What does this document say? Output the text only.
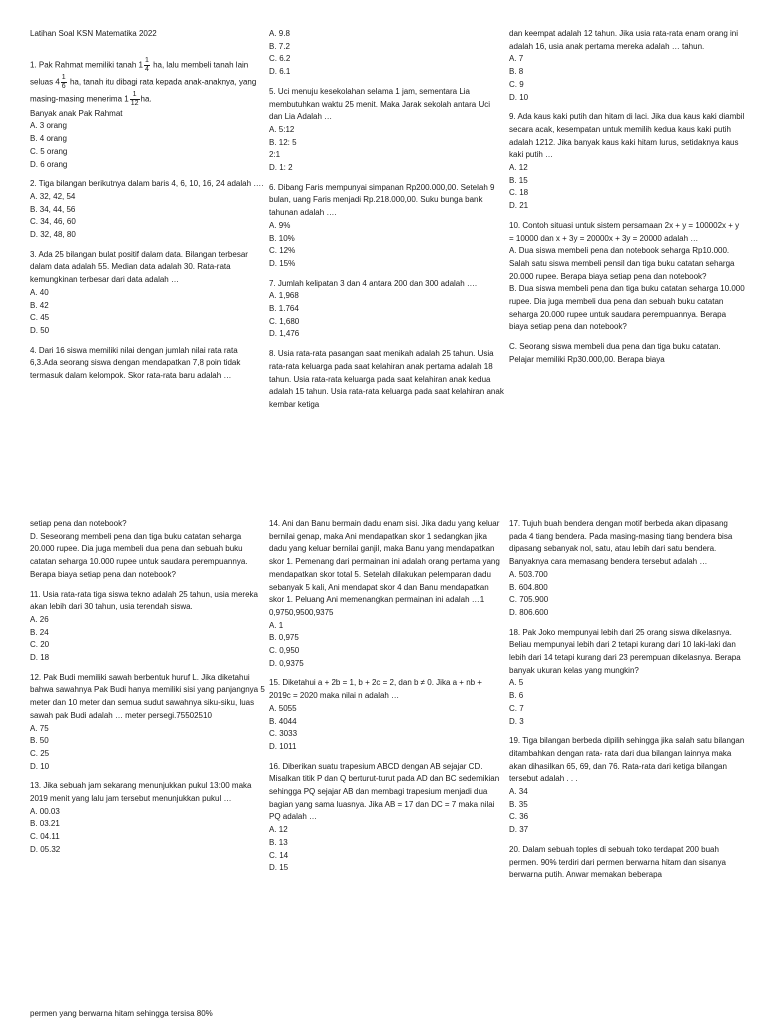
Latihan Soal KSN Matematika 2022

1. Pak Rahmat memiliki tanah $1 \frac{1}{4}$ ha, lalu membeli tanah lain seluas $4 \frac{1}{6}$ ha, tanah itu dibagi rata kepada anak-anaknya, yang masing-masing menerima $1 \frac{1}{12}$ ha.

Banyak anak Pak Rahmat

A. 3 orang

B. 4 orang

C. 5 orang

D. 6 orang

2. Tiga bilangan berikutnya dalam baris 4, 6, 10, 16, 24 adalah ….

A. 32, 42, 54

B. 34, 44, 56

C. 34, 46, 60

D. 32, 48, 80

3. Ada 25 bilangan bulat positif dalam data. Bilangan terbesar dalam data adalah 55. Median data adalah 30. Rata-rata kemungkinan terbesar dari data adalah …

A. 40

B. 42

C. 45

D. 50

4. Dari 16 siswa memiliki nilai dengan jumlah nilai rata rata 6,3.Ada seorang siswa dengan mendapatkan 7,8 poin tidak termasuk dalam kelompok. Skor rata-rata baru adalah …

A. 9.8

B. 7.2

C. 6.2

D. 6.1

5. Uci menuju kesekolahan selama 1 jam, sementara Lia membutuhkan waktu 25 menit. Maka Jarak sekolah antara Uci dan Lia Adalah …

A. 5:12

B. 12: 5

2:1

D. 1: 2

6. Dibang Faris mempunyai simpanan Rp200.000,00. Setelah 9 bulan, uang Faris menjadi Rp.218.000,00. Suku bunga bank tahunan adalah ….

A. 9%

B. 10%

C. 12%

D. 15%

7. Jumlah kelipatan 3 dan 4 antara 200 dan 300 adalah ….

A. 1,968

B. 1.764

C. 1,680

D. 1,476

8. Usia rata-rata pasangan saat menikah adalah 25 tahun. Usia rata-rata keluarga pada saat kelahiran anak pertama adalah 18 tahun. Usia rata-rata keluarga pada saat kelahiran anak kedua adalah 15 tahun. Usia rata-rata keluarga pada saat kelahiran anak kembar ketiga

dan keempat adalah 12 tahun. Jika usia rata-rata enam orang ini adalah 16, usia anak pertama mereka adalah … tahun.

A. 7

B. 8

C. 9

D. 10

9. Ada kaus kaki putih dan hitam di laci. Jika dua kaus kaki diambil secara acak, kesempatan untuk memilih kedua kaus kaki putih adalah 1212. Jika banyak kaus kaki hitam lurus, setidaknya kaus kaki putih …

A. 12

B. 15

C. 18

D. 21

10. Contoh situasi untuk sistem persamaan 2x + y = 100002x + y = 10000 dan x + 3y = 20000x + 3y = 20000 adalah …

A. Dua siswa membeli pena dan notebook seharga Rp10.000. Salah satu siswa membeli pensil dan tiga buku catatan seharga 20.000 rupee. Berapa biaya setiap pena dan notebook?

B. Dua siswa membeli pena dan tiga buku catatan seharga 10.000 rupee. Dia juga membeli dua pena dan sebuah buku catatan seharga 20.000 rupee untuk saudara perempuannya. Berapa biaya setiap pena dan notebook?

C. Seorang siswa membeli dua pena dan tiga buku catatan. Pelajar memiliki Rp30.000,00. Berapa biaya

setiap pena dan notebook?

D. Seseorang membeli pena dan tiga buku catatan seharga 20.000 rupee. Dia juga membeli dua pena dan sebuah buku catatan seharga 10.000 rupee untuk saudara perempuannya. Berapa biaya setiap pena dan notebook?

11. Usia rata-rata tiga siswa tekno adalah 25 tahun, usia mereka akan lebih dari 30 tahun, usia terendah siswa.

A. 26

B. 24

C. 20

D. 18

12. Pak Budi memiliki sawah berbentuk huruf L. Jika diketahui bahwa sawahnya Pak Budi hanya memiliki sisi yang panjangnya 5 meter dan 10 meter dan semua sudut sawahnya siku-siku, luas sawah pak Budi adalah … meter persegi.75502510

A. 75

B. 50

C. 25

D. 10

13. Jika sebuah jam sekarang menunjukkan pukul 13:00 maka 2019 menit yang lalu jam tersebut menunjukkan pukul …

A. 00.03

B. 03.21

C. 04.11

D. 05.32

14. Ani dan Banu bermain dadu enam sisi. Jika dadu yang keluar bernilai genap, maka Ani mendapatkan skor 1 sedangkan jika dadu yang keluar bernilai ganjil, maka Banu yang mendapatkan skor 1. Pemenang dari permainan ini adalah orang pertama yang mendapatkan skor total 5. Setelah dilakukan pelemparan dadu sebanyak 5 kali, Ani mendapat skor 4 dan Banu mendapatkan skor 1. Peluang Ani memenangkan permainan ini adalah …1 0,9750,9500,9375

A. 1

B. 0,975

C. 0,950

D. 0,9375

15. Diketahui a + 2b = 1, b + 2c = 2, dan b ≠ 0. Jika a + nb + 2019c = 2020 maka nilai n adalah …

A. 5055

B. 4044

C. 3033

D. 1011

16. Diberikan suatu trapesium ABCD dengan AB sejajar CD. Misalkan titik P dan Q berturut-turut pada AD dan BC sedemikian sehingga PQ sejajar AB dan membagi trapesium menjadi dua bagian yang sama luasnya. Jika AB = 17 dan DC = 7 maka nilai PQ adalah …

A. 12

B. 13

C. 14

D. 15

17. Tujuh buah bendera dengan motif berbeda akan dipasang pada 4 tiang bendera. Pada masing-masing tiang bendera bisa dipasang sebanyak nol, satu, atau lebih dari satu bendera. Banyaknya cara memasang bendera tersebut adalah …

A. 503.700

B. 604.800

C. 705.900

D. 806.600

18. Pak Joko mempunyai lebih dari 25 orang siswa dikelasnya. Beliau mempunyai lebih dari 2 tetapi kurang dari 10 laki-laki dan lebih dari 14 tetapi kurang dari 23 perempuan dikelasnya. Berapa banyak ukuran kelas yang mungkin?

A. 5

B. 6

C. 7

D. 3

19. Tiga bilangan berbeda dipilih sehingga jika salah satu bilangan ditambahkan dengan rata- rata dari dua bilangan lainnya maka akan dihasilkan 65, 69, dan 76. Rata-rata dari ketiga bilangan tersebut adalah . . .

A. 34

B. 35

C. 36

D. 37

20. Dalam sebuah toples di sebuah toko terdapat 200 buah permen. 90% terdiri dari permen berwarna hitam dan sisanya berwarna putih. Anwar memakan beberapa

permen yang berwarna hitam sehingga tersisa 80%
